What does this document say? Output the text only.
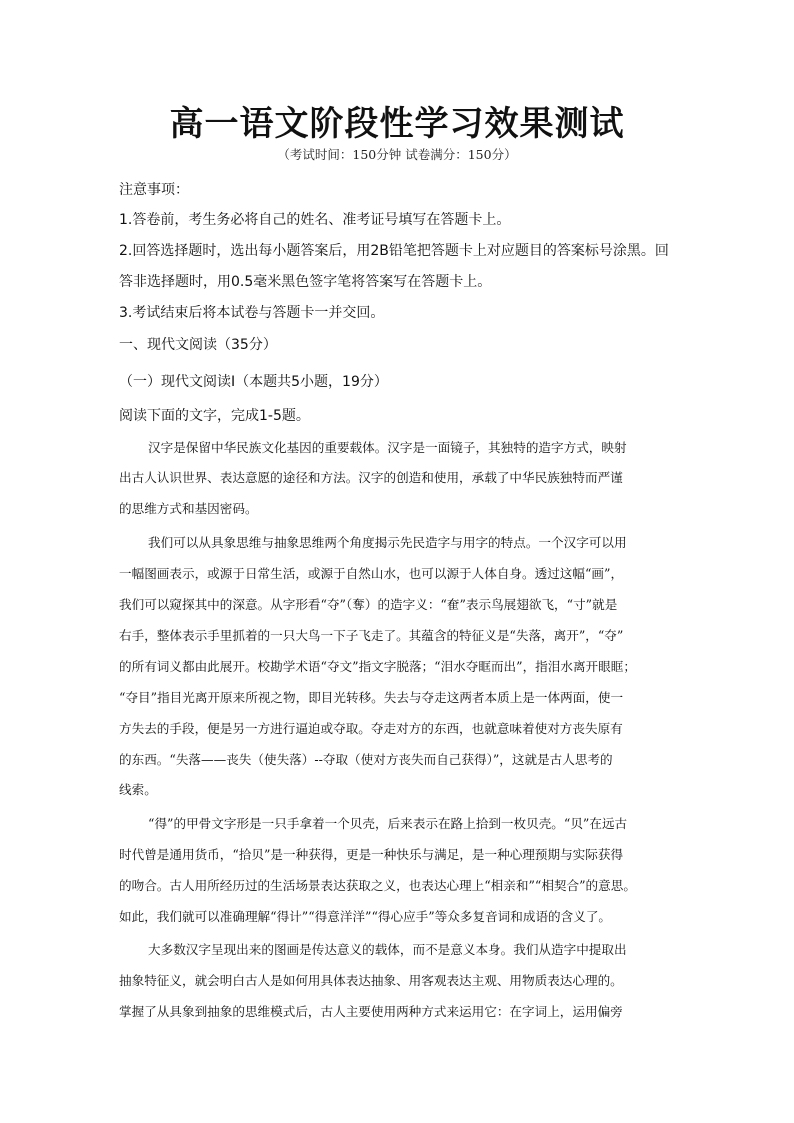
高一语文阶段性学习效果测试
（考试时间：150分钟 试卷满分：150分）
注意事项：
1.答卷前，考生务必将自己的姓名、准考证号填写在答题卡上。
2.回答选择题时，选出每小题答案后，用2B铅笔把答题卡上对应题目的答案标号涂黑。回
答非选择题时，用0.5毫米黑色签字笔将答案写在答题卡上。
3.考试结束后将本试卷与答题卡一并交回。
一、现代文阅读（35分）
（一）现代文阅读Ⅰ（本题共5小题，19分）
阅读下面的文字，完成1-5题。
汉字是保留中华民族文化基因的重要载体。汉字是一面镜子，其独特的造字方式，映射
出古人认识世界、表达意愿的途径和方法。汉字的创造和使用，承载了中华民族独特而严谨
的思维方式和基因密码。
我们可以从具象思维与抽象思维两个角度揭示先民造字与用字的特点。一个汉字可以用
一幅图画表示，或源于日常生活，或源于自然山水，也可以源于人体自身。透过这幅“画”，
我们可以窥探其中的深意。从字形看“夺”（奪）的造字义：“奞”表示鸟展翅欲飞，“寸”就是
右手，整体表示手里抓着的一只大鸟一下子飞走了。其蕴含的特征义是“失落，离开”，“夺”
的所有词义都由此展开。校勘学术语“夺文”指文字脱落；“泪水夺眶而出”，指泪水离开眼眶；
“夺目”指目光离开原来所视之物，即目光转移。失去与夺走这两者本质上是一体两面，使一
方失去的手段，便是另一方进行逼迫或夺取。夺走对方的东西，也就意味着使对方丧失原有
的东西。“失落——丧失（使失落）--夺取（使对方丧失而自己获得）”，这就是古人思考的
线索。
“得”的甲骨文字形是一只手拿着一个贝壳，后来表示在路上拾到一枚贝壳。“贝”在远古
时代曾是通用货币，“拾贝”是一种获得，更是一种快乐与满足，是一种心理预期与实际获得
的吻合。古人用所经历过的生活场景表达获取之义，也表达心理上“相亲和”“相契合”的意思。
如此，我们就可以准确理解“得计”“得意洋洋”“得心应手”等众多复音词和成语的含义了。
大多数汉字呈现出来的图画是传达意义的载体，而不是意义本身。我们从造字中提取出
抽象特征义，就会明白古人是如何用具体表达抽象、用客观表达主观、用物质表达心理的。
掌握了从具象到抽象的思维模式后，古人主要使用两种方式来运用它：在字词上，运用偏旁
